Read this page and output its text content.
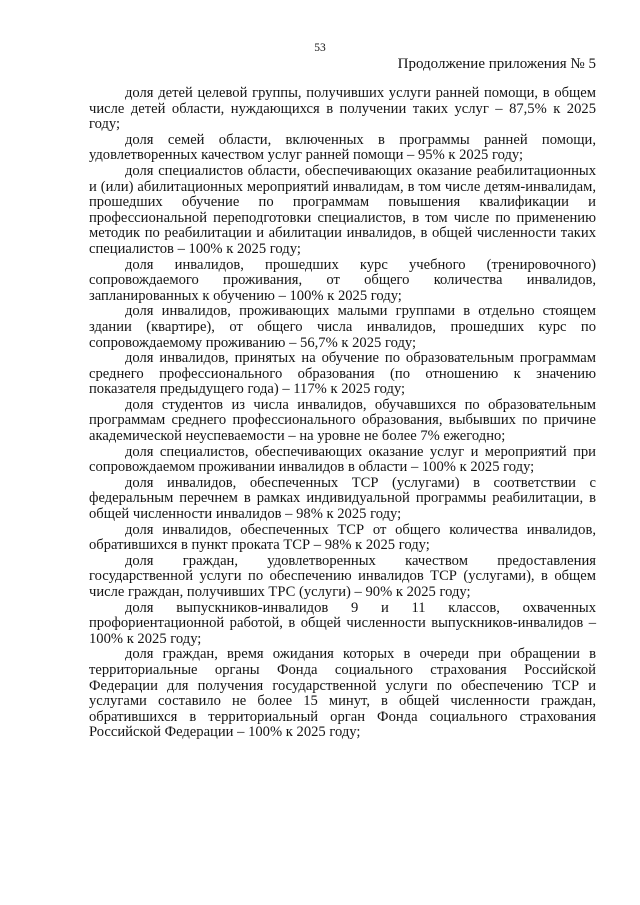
53
Продолжение приложения № 5

доля детей целевой группы, получивших услуги ранней помощи, в общем числе детей области, нуждающихся в получении таких услуг – 87,5% к 2025 году;

доля семей области, включенных в программы ранней помощи, удовлетворенных качеством услуг ранней помощи – 95% к 2025 году;

доля специалистов области, обеспечивающих оказание реабилитационных и (или) абилитационных мероприятий инвалидам, в том числе детям-инвалидам, прошедших обучение по программам повышения квалификации и профессиональной переподготовки специалистов, в том числе по применению методик по реабилитации и абилитации инвалидов, в общей численности таких специалистов – 100% к 2025 году;

доля инвалидов, прошедших курс учебного (тренировочного) сопровождаемого проживания, от общего количества инвалидов, запланированных к обучению – 100% к 2025 году;

доля инвалидов, проживающих малыми группами в отдельно стоящем здании (квартире), от общего числа инвалидов, прошедших курс по сопровождаемому проживанию – 56,7% к 2025 году;

доля инвалидов, принятых на обучение по образовательным программам среднего профессионального образования (по отношению к значению показателя предыдущего года) – 117% к 2025 году;

доля студентов из числа инвалидов, обучавшихся по образовательным программам среднего профессионального образования, выбывших по причине академической неуспеваемости – на уровне не более 7% ежегодно;

доля специалистов, обеспечивающих оказание услуг и мероприятий при сопровождаемом проживании инвалидов в области – 100% к 2025 году;

доля инвалидов, обеспеченных ТСР (услугами) в соответствии с федеральным перечнем в рамках индивидуальной программы реабилитации, в общей численности инвалидов – 98% к 2025 году;

доля инвалидов, обеспеченных ТСР от общего количества инвалидов, обратившихся в пункт проката ТСР – 98% к 2025 году;

доля граждан, удовлетворенных качеством предоставления государственной услуги по обеспечению инвалидов ТСР (услугами), в общем числе граждан, получивших ТРС (услуги) – 90% к 2025 году;

доля выпускников-инвалидов 9 и 11 классов, охваченных профориентационной работой, в общей численности выпускников-инвалидов – 100% к 2025 году;

доля граждан, время ожидания которых в очереди при обращении в территориальные органы Фонда социального страхования Российской Федерации для получения государственной услуги по обеспечению ТСР и услугами составило не более 15 минут, в общей численности граждан, обратившихся в территориальный орган Фонда социального страхования Российской Федерации – 100% к 2025 году;
